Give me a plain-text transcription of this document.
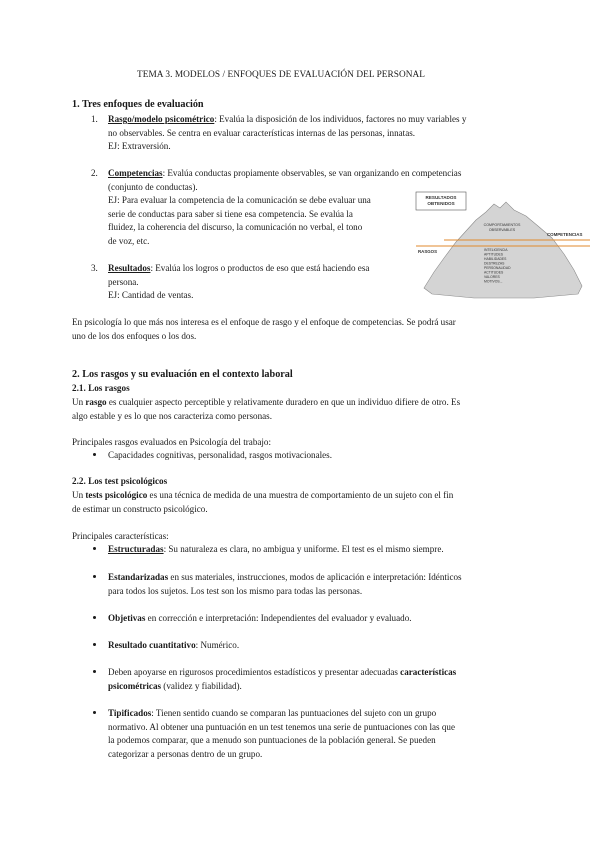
TEMA 3. MODELOS / ENFOQUES DE EVALUACIÓN DEL PERSONAL
1. Tres enfoques de evaluación
1. Rasgo/modelo psicométrico: Evalúa la disposición de los individuos, factores no muy variables y
no observables. Se centra en evaluar características internas de las personas, innatas.
EJ: Extraversión.
2. Competencias: Evalúa conductas propiamente observables, se van organizando en competencias
(conjunto de conductas).
EJ: Para evaluar la competencia de la comunicación se debe evaluar una
serie de conductas para saber si tiene esa competencia. Se evalúa la
fluidez, la coherencia del discurso, la comunicación no verbal, el tono
de voz, etc.
3. Resultados: Evalúa los logros o productos de eso que está haciendo esa
persona.
EJ: Cantidad de ventas.
RESULTADOS
OBTENIDOS
COMPORTAMIENTOS
OBSERVABLES
COMPETENCIAS
RASGOS	INTELIGENCIA
APTITUDES
HABILIDADES
DESTREZAS
PERSONALIDAD
ACTITUDES
VALORES
MOTIVOS...
En psicología lo que más nos interesa es el enfoque de rasgo y el enfoque de competencias. Se podrá usar
uno de los dos enfoques o los dos.
2. Los rasgos y su evaluación en el contexto laboral
2.1. Los rasgos
Un rasgo es cualquier aspecto perceptible y relativamente duradero en que un individuo difiere de otro. Es
algo estable y es lo que nos caracteriza como personas.
Principales rasgos evaluados en Psicología del trabajo:
Capacidades cognitivas, personalidad, rasgos motivacionales.
2.2. Los test psicológicos
Un tests psicológico es una técnica de medida de una muestra de comportamiento de un sujeto con el fin
de estimar un constructo psicológico.
Principales características:
Estructuradas: Su naturaleza es clara, no ambigua y uniforme. El test es el mismo siempre.
Estandarizadas en sus materiales, instrucciones, modos de aplicación e interpretación: Idénticos
para todos los sujetos. Los test son los mismo para todas las personas.
Objetivas en corrección e interpretación: Independientes del evaluador y evaluado.
Resultado cuantitativo: Numérico.
Deben apoyarse en rigurosos procedimientos estadísticos y presentar adecuadas características
psicométricas (validez y fiabilidad).
Tipificados: Tienen sentido cuando se comparan las puntuaciones del sujeto con un grupo
normativo. Al obtener una puntuación en un test tenemos una serie de puntuaciones con las que
la podemos comparar, que a menudo son puntuaciones de la población general. Se pueden
categorizar a personas dentro de un grupo.
